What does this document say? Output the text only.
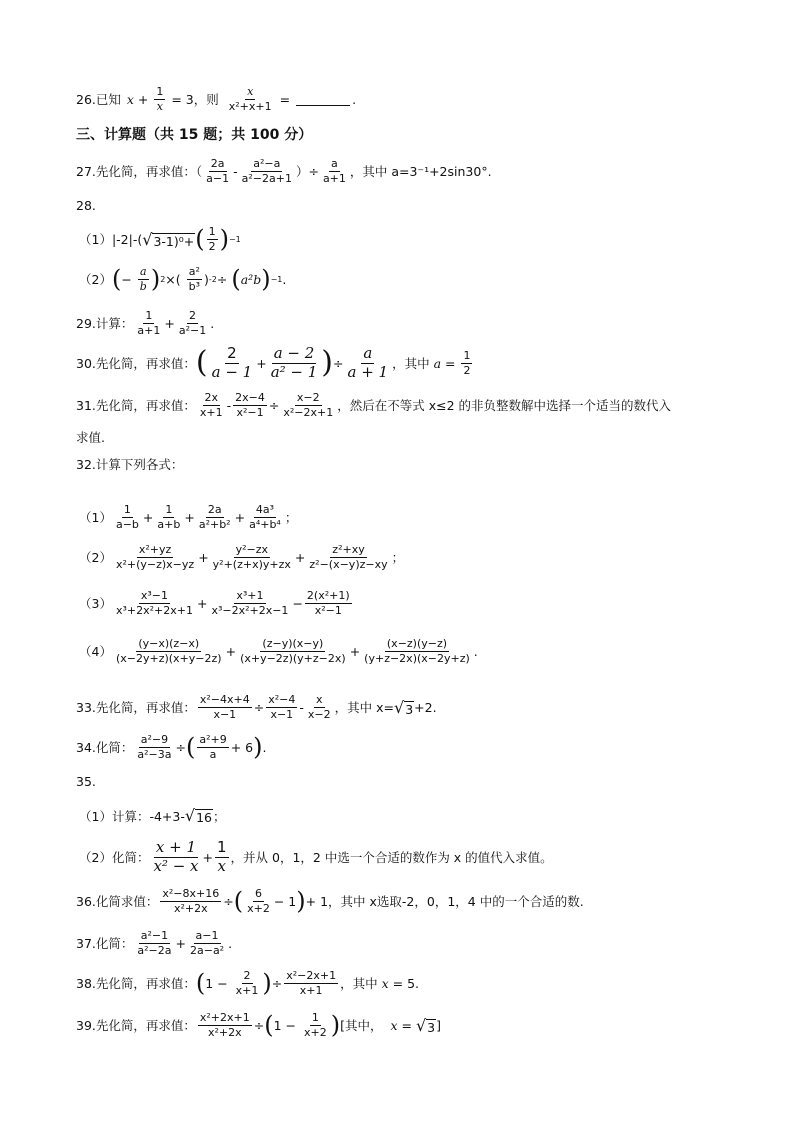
26.已知 $x + \frac{1}{x} = 3$ ，则 $\frac{x}{\text{x²+x+1}}$ =	.
三、计算题（共 15 题；共 100 分）
27.先化简，再求值：（ $\frac{2a}{a-1} - \frac{\text{a²−a}}{\text{a²−2a+1}}$ ）÷ $\frac{a}{a+1}$ ，其中 a=3⁻¹+2sin30°.
28.
（1）|-2|-( √ 3-1)⁰+ ( $\frac{1}{2}$ ) −1
（2） ( − $\frac{a}{b}$ ) 2 ×( $\frac{\text{a²}}{\text{b³}}$ ) -2 ÷ ( a²b ) −1 .
29.计算： $\frac{1}{a+1} + \frac{2}{\text{a²−1}}$ .
30.先化简，再求值： ( $\frac{2}{a - 1} + \frac{a - 2}{\text{a² − 1}}$ ) ÷ $\frac{a}{a + 1}$ ，其中
$a = \frac{1}{2}$
31.先化简，再求值： $\frac{2x}{x+1} - \frac{2x-4}{\text{x²−1}} \div \frac{x-2}{\text{x²−2x+1}}$ ，然后在不等式 x≤2 的非负整数解中选择一个适当的数代入
求值.
32.计算下列各式：
$(1) \frac{1}{a-b} + \frac{1}{a+b} + \frac{2a}{\text{a²+b²}} + \frac{\text{4a³}}{\text{a⁴+b⁴}}$ ；
$(2) \frac{\text{x²+yz}}{\text{x²+(y−z)x−yz}} + \frac{\text{y²−zx}}{\text{y²+(z+x)y+zx}} + \frac{\text{z²+xy}}{\text{z²−(x−y)z−xy}}$ ；
$(3) \frac{\text{x³−1}}{\text{x³+2x²+2x+1}} + \frac{\text{x³+1}}{\text{x³−2x²+2x−1}} - \frac{\text{2(x²+1)}}{\text{x²−1}}$
$(4) \frac{(y-x)(z-x)}{(x-2y+z)(x+y-2z)} + \frac{(z-y)(x-y)}{(x+y-2z)(y+z-2x)} + \frac{(x-z)(y-z)}{(y+z-2x)(x-2y+z)}$ .
33.先化简，再求值： $\frac{\text{x²−4x+4}}{x-1} \div \frac{\text{x²−4}}{x-1} - \frac{x}{x-2}$ ，其中 x= √ 3 +2.
34.化简： $\frac{\text{a²−9}}{\text{a²−3a}}$ ÷ ( $\frac{\text{a²+9}}{a} + 6$ ) .
35.
（1）计算：-4+3- √ 16 ；
（2）化简： $\frac{x + 1}{\text{x² − x}} + \frac{1}{x}$ ，并从 0，1，2 中选一个合适的数作为 x 的值代入求值。
36.化简求值： $\frac{\text{x²−8x+16}}{\text{x²+2x}}$ ÷ ( $\frac{6}{x+2} - 1$ ) + 1 ，其中 x选取-2，0，1，4 中的一个合适的数.
37.化简： $\frac{\text{a²−1}}{\text{a²−2a}} + \frac{a-1}{\text{2a−a²}}$ .
38.先化简，再求值： ( $1 - \frac{2}{x+1}$ ) ÷ $\frac{\text{x²−2x+1}}{x+1}$ ，其中
x = 5.
39.先化简，再求值： $\frac{\text{x²+2x+1}}{\text{x²+2x}}$ ÷ ( $1 - \frac{1}{x+2}$ ) [其中，
x = √ 3 ]
